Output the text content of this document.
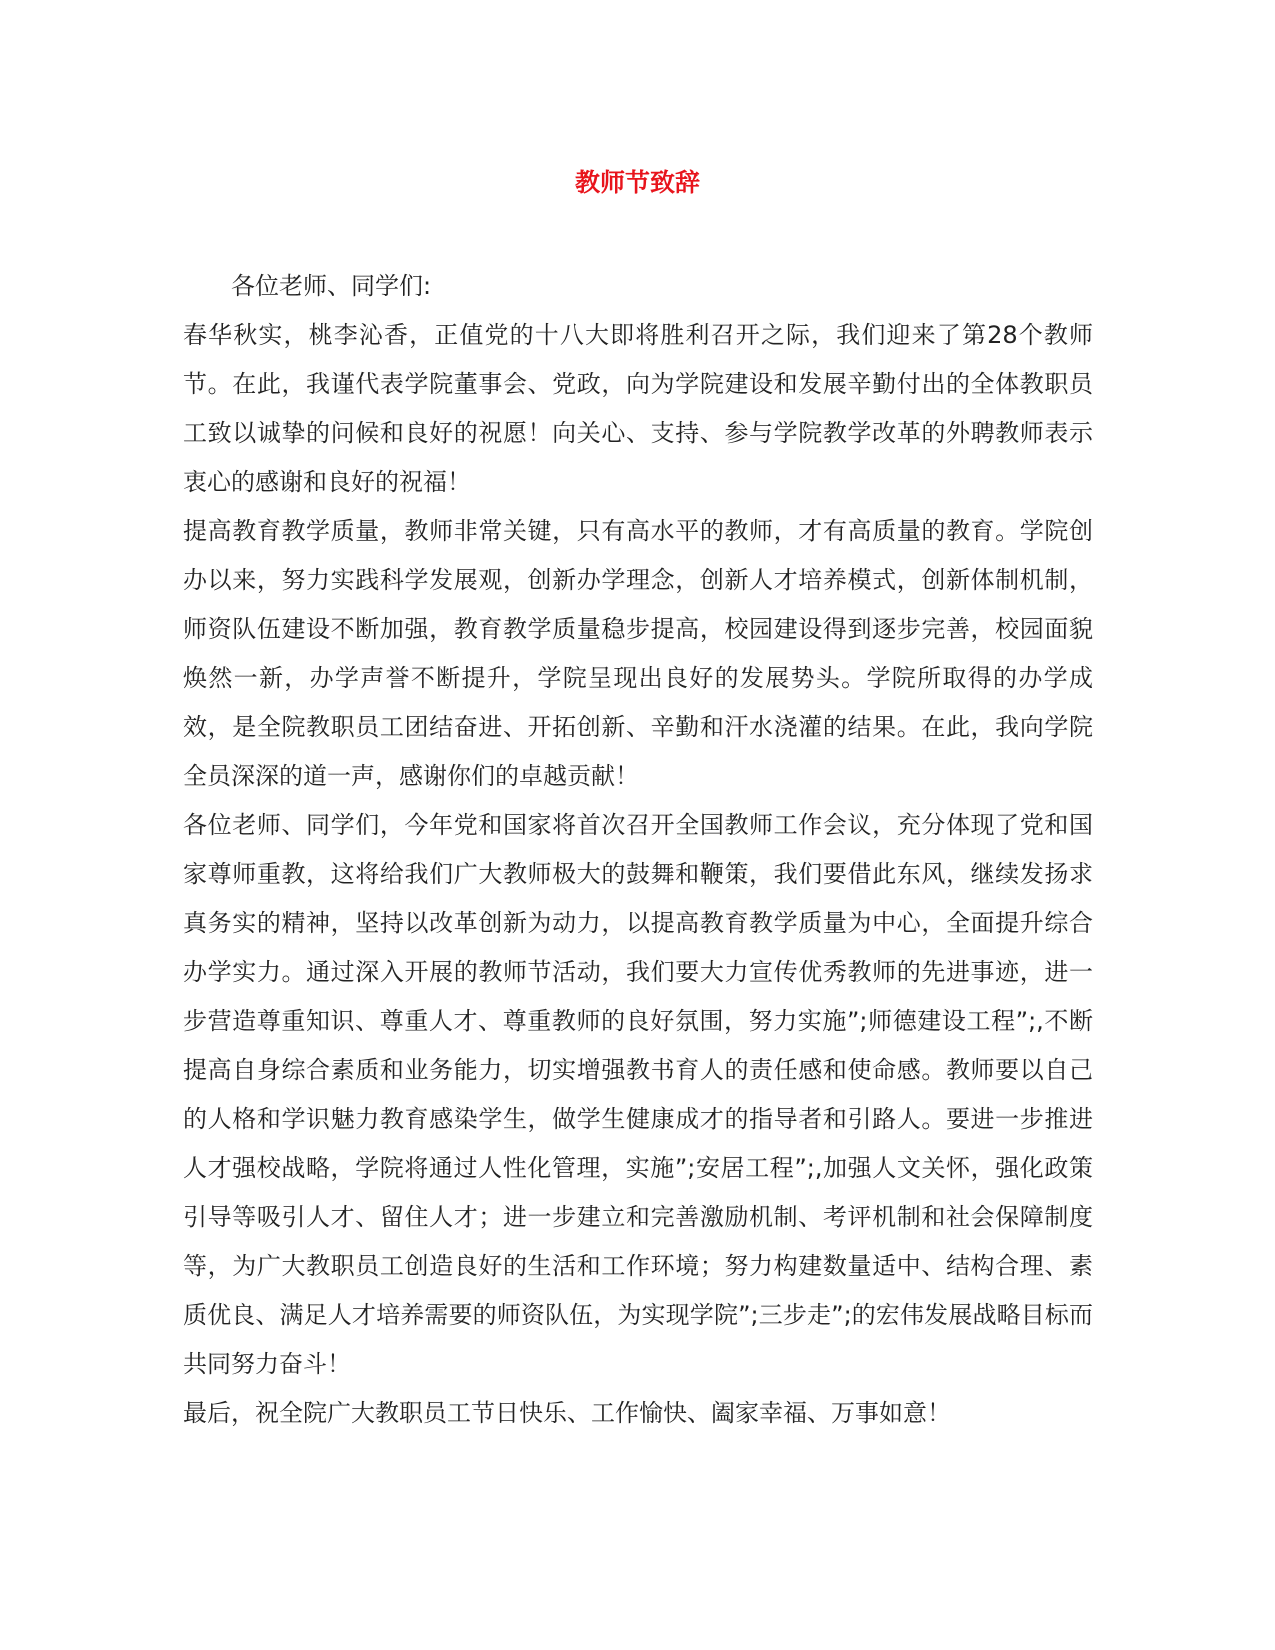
教师节致辞

各位老师、同学们:

春华秋实，桃李沁香，正值党的十八大即将胜利召开之际，我们迎来了第28个教师节。在此，我谨代表学院董事会、党政，向为学院建设和发展辛勤付出的全体教职员工致以诚挚的问候和良好的祝愿！向关心、支持、参与学院教学改革的外聘教师表示衷心的感谢和良好的祝福！

提高教育教学质量，教师非常关键，只有高水平的教师，才有高质量的教育。学院创办以来，努力实践科学发展观，创新办学理念，创新人才培养模式，创新体制机制，师资队伍建设不断加强，教育教学质量稳步提高，校园建设得到逐步完善，校园面貌焕然一新，办学声誉不断提升，学院呈现出良好的发展势头。学院所取得的办学成效，是全院教职员工团结奋进、开拓创新、辛勤和汗水浇灌的结果。在此，我向学院全员深深的道一声，感谢你们的卓越贡献！

各位老师、同学们，今年党和国家将首次召开全国教师工作会议，充分体现了党和国家尊师重教，这将给我们广大教师极大的鼓舞和鞭策，我们要借此东风，继续发扬求真务实的精神，坚持以改革创新为动力，以提高教育教学质量为中心，全面提升综合办学实力。通过深入开展的教师节活动，我们要大力宣传优秀教师的先进事迹，进一步营造尊重知识、尊重人才、尊重教师的良好氛围，努力实施”;师德建设工程”;,不断提高自身综合素质和业务能力，切实增强教书育人的责任感和使命感。教师要以自己的人格和学识魅力教育感染学生，做学生健康成才的指导者和引路人。要进一步推进人才强校战略，学院将通过人性化管理，实施”;安居工程”;,加强人文关怀，强化政策引导等吸引人才、留住人才；进一步建立和完善激励机制、考评机制和社会保障制度等，为广大教职员工创造良好的生活和工作环境；努力构建数量适中、结构合理、素质优良、满足人才培养需要的师资队伍，为实现学院”;三步走”;的宏伟发展战略目标而共同努力奋斗！

最后，祝全院广大教职员工节日快乐、工作愉快、阖家幸福、万事如意！
